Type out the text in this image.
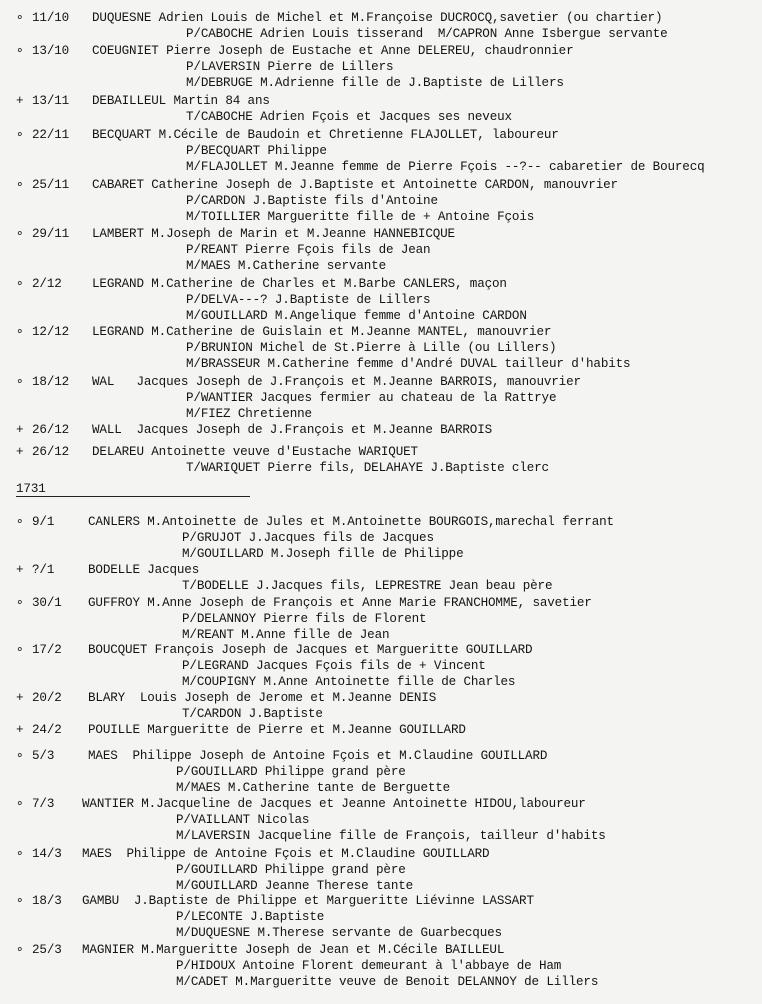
∘ 11/10 DUQUESNE Adrien Louis de Michel et M.Françoise DUCROCQ,savetier (ou chartier)
P/CABOCHE Adrien Louis tisserand  M/CAPRON Anne Isbergue servante
∘ 13/10 COEUGNIET Pierre Joseph de Eustache et Anne DELEREU, chaudronnier
P/LAVERSIN Pierre de Lillers
M/DEBRUGE M.Adrienne fille de J.Baptiste de Lillers
+ 13/11 DEBAILLEUL Martin 84 ans
T/CABOCHE Adrien Fçois et Jacques ses neveux
∘ 22/11 BECQUART M.Cécile de Baudoin et Chretienne FLAJOLLET, laboureur
P/BECQUART Philippe
M/FLAJOLLET M.Jeanne femme de Pierre Fçois --?-- cabaretier de Bourecq
∘ 25/11 CABARET Catherine Joseph de J.Baptiste et Antoinette CARDON, manouvrier
P/CARDON J.Baptiste fils d'Antoine
M/TOILLIER Margueritte fille de + Antoine Fçois
∘ 29/11 LAMBERT M.Joseph de Marin et M.Jeanne HANNEBICQUE
P/REANT Pierre Fçois fils de Jean
M/MAES M.Catherine servante
∘ 2/12 LEGRAND M.Catherine de Charles et M.Barbe CANLERS, maçon
P/DELVA---? J.Baptiste de Lillers
M/GOUILLARD M.Angelique femme d'Antoine CARDON
∘ 12/12 LEGRAND M.Catherine de Guislain et M.Jeanne MANTEL, manouvrier
P/BRUNION Michel de St.Pierre à Lille (ou Lillers)
M/BRASSEUR M.Catherine femme d'André DUVAL tailleur d'habits
∘ 18/12 WAL   Jacques Joseph de J.François et M.Jeanne BARROIS, manouvrier
P/WANTIER Jacques fermier au chateau de la Rattrye
M/FIEZ Chretienne
+ 26/12 WALL  Jacques Joseph de J.François et M.Jeanne BARROIS
+ 26/12 DELAREU Antoinette veuve d'Eustache WARIQUET
T/WARIQUET Pierre fils, DELAHAYE J.Baptiste clerc
1731
∘ 9/1	CANLERS M.Antoinette de Jules et M.Antoinette BOURGOIS,marechal ferrant
P/GRUJOT J.Jacques fils de Jacques
M/GOUILLARD M.Joseph fille de Philippe
+ ?/1	BODELLE Jacques
T/BODELLE J.Jacques fils, LEPRESTRE Jean beau père
∘ 30/1 GUFFROY M.Anne Joseph de François et Anne Marie FRANCHOMME, savetier
P/DELANNOY Pierre fils de Florent
M/REANT M.Anne fille de Jean
∘ 17/2 BOUCQUET François Joseph de Jacques et Margueritte GOUILLARD
P/LEGRAND Jacques Fçois fils de + Vincent
M/COUPIGNY M.Anne Antoinette fille de Charles
+ 20/2 BLARY  Louis Joseph de Jerome et M.Jeanne DENIS
T/CARDON J.Baptiste
+ 24/2 POUILLE Margueritte de Pierre et M.Jeanne GOUILLARD
∘ 5/3	MAES  Philippe Joseph de Antoine Fçois et M.Claudine GOUILLARD
P/GOUILLARD Philippe grand père
M/MAES M.Catherine tante de Berguette
∘ 7/3 WANTIER M.Jacqueline de Jacques et Jeanne Antoinette HIDOU,laboureur
P/VAILLANT Nicolas
M/LAVERSIN Jacqueline fille de François, tailleur d'habits
∘ 14/3 MAES  Philippe de Antoine Fçois et M.Claudine GOUILLARD
P/GOUILLARD Philippe grand père
M/GOUILLARD Jeanne Therese tante
∘ 18/3 GAMBU  J.Baptiste de Philippe et Margueritte Liévinne LASSART
P/LECONTE J.Baptiste
M/DUQUESNE M.Therese servante de Guarbecques
∘ 25/3 MAGNIER M.Margueritte Joseph de Jean et M.Cécile BAILLEUL
P/HIDOUX Antoine Florent demeurant à l'abbaye de Ham
M/CADET M.Margueritte veuve de Benoit DELANNOY de Lillers
